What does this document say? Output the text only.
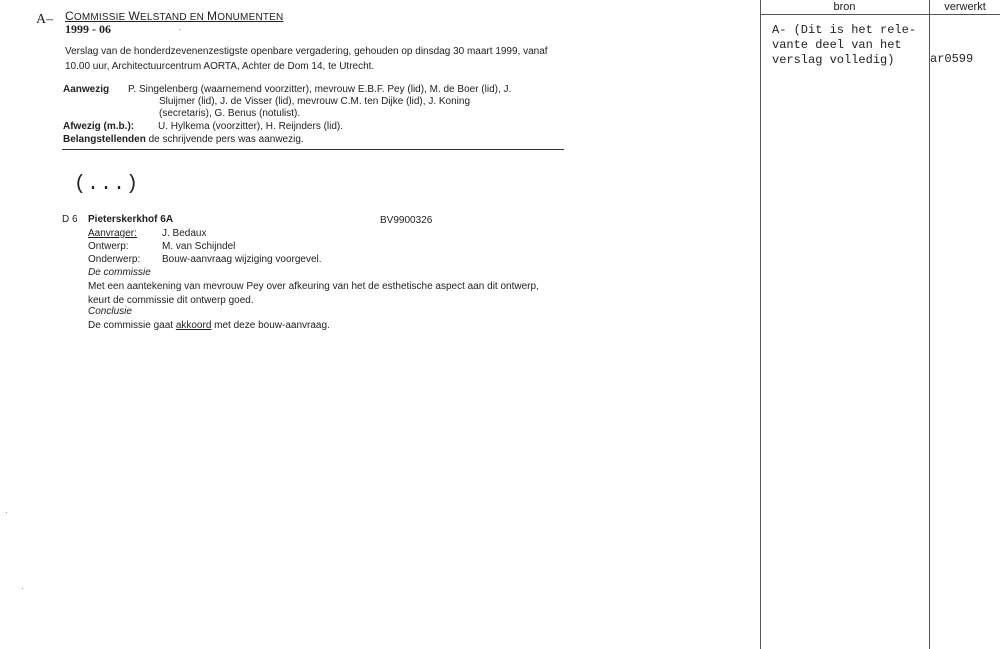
A– COMMISSIE WELSTAND EN MONUMENTEN
1999 - 06	·
Verslag van de honderdzevenenzestigste openbare vergadering, gehouden op dinsdag 30 maart 1999, vanaf 10.00 uur, Architectuurcentrum AORTA, Achter de Dom 14, te Utrecht.
Aanwezig P. Singelenberg (waarnemend voorzitter), mevrouw E.B.F. Pey (lid), M. de Boer (lid), J.
Sluijmer (lid), J. de Visser (lid), mevrouw C.M. ten Dijke (lid), J. Koning
(secretaris), G. Benus (notulist).
Afwezig (m.b.): U. Hylkema (voorzitter), H. Reijnders (lid).
Belangstellenden de schrijvende pers was aanwezig.
(...)
D 6 Pieterskerkhof 6A	BV9900326
Aanvrager:	J. Bedaux
Ontwerp:	M. van Schijndel
Onderwerp: Bouw-aanvraag wijziging voorgevel.
De commissie
Met een aantekening van mevrouw Pey over afkeuring van het de esthetische aspect aan dit ontwerp, keurt de commissie dit ontwerp goed.
Conclusie
De commissie gaat akkoord met deze bouw-aanvraag.
bron	verwerkt
A- (Dit is het rele-
vante deel van het
verslag volledig)	ar0599
